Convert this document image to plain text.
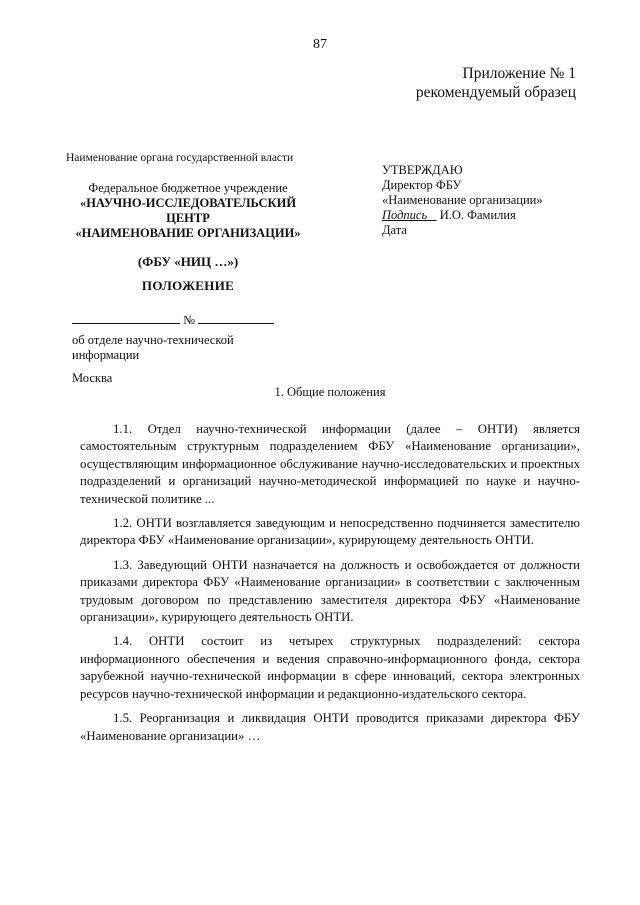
87
Приложение № 1
рекомендуемый образец
Наименование органа государственной власти
УТВЕРЖДАЮ
Директор ФБУ
«Наименование организации»
Подпись И.О. Фамилия
Дата
Федеральное бюджетное учреждение
«НАУЧНО-ИССЛЕДОВАТЕЛЬСКИЙ
ЦЕНТР
«НАИМЕНОВАНИЕ ОРГАНИЗАЦИИ»
(ФБУ «НИЦ …»)
ПОЛОЖЕНИЕ
№
об отделе научно-технической
информации
Москва
1. Общие положения

1.1. Отдел научно-технической информации (далее – ОНТИ) является самостоятельным структурным подразделением ФБУ «Наименование организации», осуществляющим информационное обслуживание научно-исследовательских и проектных подразделений и организаций научно-методической информацией по науке и научно-технической политике ...

1.2. ОНТИ возглавляется заведующим и непосредственно подчиняется заместителю директора ФБУ «Наименование организации», курирующему деятельность ОНТИ.

1.3. Заведующий ОНТИ назначается на должность и освобождается от должности приказами директора ФБУ «Наименование организации» в соответствии с заключенным трудовым договором по представлению заместителя директора ФБУ «Наименование организации», курирующего деятельность ОНТИ.

1.4. ОНТИ состоит из четырех структурных подразделений: сектора информационного обеспечения и ведения справочно-информационного фонда, сектора зарубежной научно-технической информации в сфере инноваций, сектора электронных ресурсов научно-технической информации и редакционно-издательского сектора.

1.5. Реорганизация и ликвидация ОНТИ проводится приказами директора ФБУ «Наименование организации» …
